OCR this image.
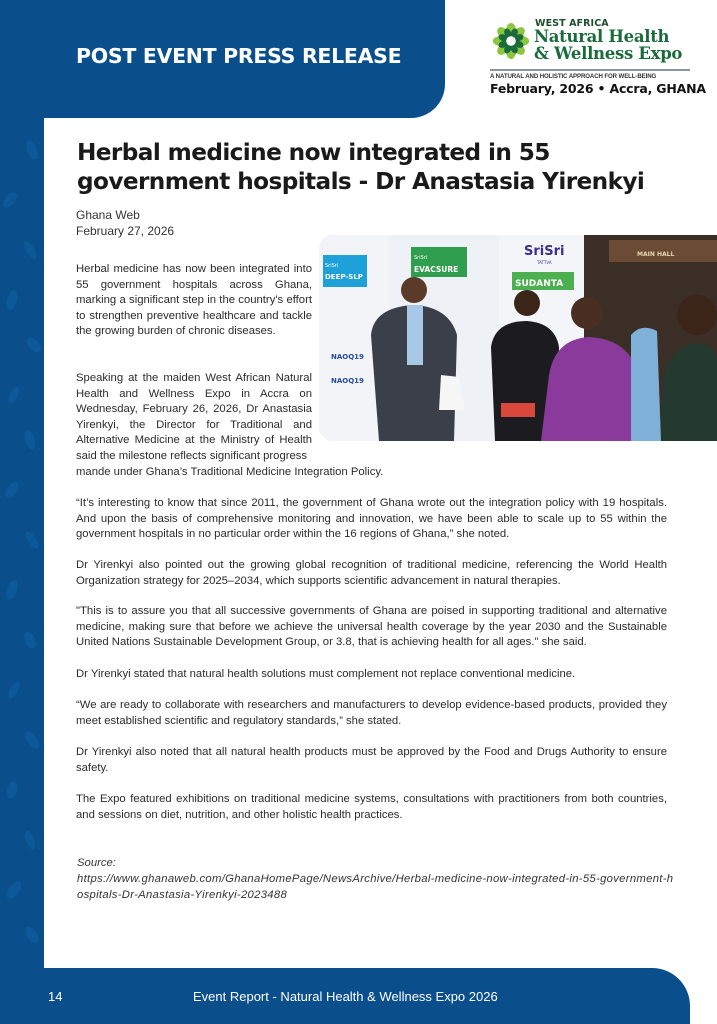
POST EVENT PRESS RELEASE
WEST AFRICA
Natural Health
& Wellness Expo
A NATURAL AND HOLISTIC APPROACH FOR WELL-BEING
February, 2026 • Accra, GHANA
Herbal medicine now integrated in 55 government hospitals - Dr Anastasia Yirenkyi
Ghana Web
February 27, 2026
MAIN HALL
SriSri
DEEP-SLP
SriSri
EVACSURE
SriSri
TATTVA
SUDANTA
NAOQ19
NAOQ19

Herbal medicine has now been integrated into 55 government hospitals across Ghana, marking a significant step in the country's effort to strengthen preventive healthcare and tackle the growing burden of chronic diseases.

Speaking at the maiden West African Natural Health and Wellness Expo in Accra on Wednesday, February 26, 2026, Dr Anastasia Yirenkyi, the Director for Traditional and Alternative Medicine at the Ministry of Health said the milestone reflects significant progress

mande under Ghana’s Traditional Medicine Integration Policy.

“It’s interesting to know that since 2011, the government of Ghana wrote out the integration policy with 19 hospitals. And upon the basis of comprehensive monitoring and innovation, we have been able to scale up to 55 within the government hospitals in no particular order within the 16 regions of Ghana,” she noted.

Dr Yirenkyi also pointed out the growing global recognition of traditional medicine, referencing the World Health Organization strategy for 2025–2034, which supports scientific advancement in natural therapies.

"This is to assure you that all successive governments of Ghana are poised in supporting traditional and alternative medicine, making sure that before we achieve the universal health coverage by the year 2030 and the Sustainable United Nations Sustainable Development Group, or 3.8, that is achieving health for all ages." she said.

Dr Yirenkyi stated that natural health solutions must complement not replace conventional medicine.

“We are ready to collaborate with researchers and manufacturers to develop evidence-based products, provided they meet established scientific and regulatory standards,” she stated.

Dr Yirenkyi also noted that all natural health products must be approved by the Food and Drugs Authority to ensure safety.

The Expo featured exhibitions on traditional medicine systems, consultations with practitioners from both countries, and sessions on diet, nutrition, and other holistic health practices.

Source:
https://www.ghanaweb.com/GhanaHomePage/NewsArchive/Herbal-medicine-now-integrated-in-55-government-hospitals-Dr-Anastasia-Yirenkyi-2023488
14	Event Report - Natural Health & Wellness Expo 2026
